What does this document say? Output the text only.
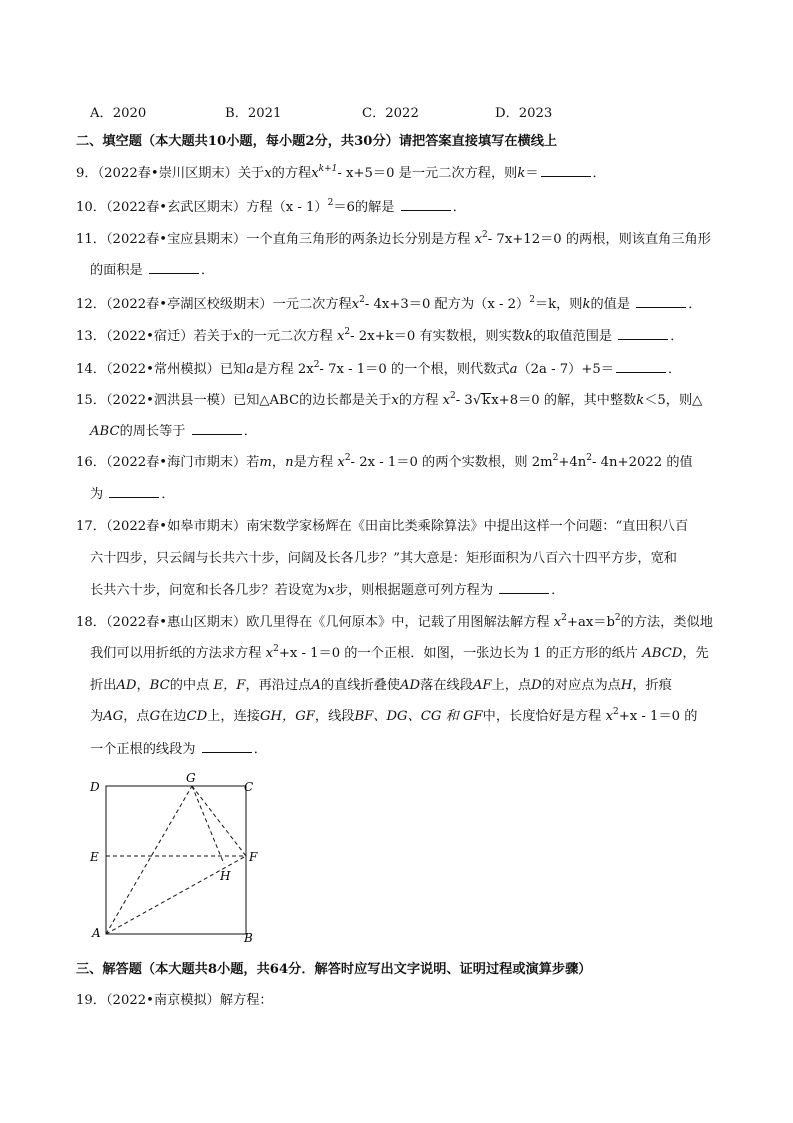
A．2020	B．2021	C．2022	D．2023
二、填空题（本大题共10小题，每小题2分，共30分）请把答案直接填写在横线上
9．（2022春•崇川区期末）关于x的方程$x^{k+1}-$ x+5＝0 是一元二次方程，则k＝	．
10．（2022春•玄武区期末）方程（x - 1）$^2$＝6的解是	．
11．（2022春•宝应县期末）一个直角三角形的两条边长分别是方程 $x^2-$ 7x+12＝0 的两根，则该直角三角形
的面积是	．
12．（2022春•亭湖区校级期末）一元二次方程$x^2-$ 4x+3＝0 配方为（x - 2）$^2$＝k，则k的值是	．
13．（2022•宿迁）若关于x的一元二次方程 $x^2-$ 2x+k＝0 有实数根，则实数k的取值范围是	．
14．（2022•常州模拟）已知a是方程 $2x^2-$ 7x - 1＝0 的一个根，则代数式a（2a - 7）+5＝	．
15．（2022•泗洪县一模）已知△ABC的边长都是关于x的方程 $x^2-$ 3√kx+8＝0 的解，其中整数k＜5，则△
ABC的周长等于	．
16．（2022春•海门市期末）若m，n是方程 $x^2-$ 2x - 1＝0 的两个实数根，则 $2m^2+4n^2-$ 4n+2022 的值
为	．
17．（2022春•如皋市期末）南宋数学家杨辉在《田亩比类乘除算法》中提出这样一个问题：“直田积八百
六十四步，只云阔与长共六十步，问阔及长各几步？”其大意是：矩形面积为八百六十四平方步，宽和
长共六十步，问宽和长各几步？若设宽为x步，则根据题意可列方程为	．
18．（2022春•惠山区期末）欧几里得在《几何原本》中，记载了用图解法解方程 $x^2+ax=b^2$的方法，类似地
我们可以用折纸的方法求方程 $x^2+x - 1=0$ 的一个正根．如图，一张边长为 1 的正方形的纸片 ABCD，先
折出AD，BC的中点 E，F，再沿过点A的直线折叠使AD落在线段AF上，点D的对应点为点H，折痕
为AG，点G在边CD上，连接GH，GF，线段BF、DG、CG 和 GF中，长度恰好是方程 $x^2+x - 1=0$ 的
一个正根的线段为	．
D
G
C
E	F
H
A	B
三、解答题（本大题共8小题，共64分．解答时应写出文字说明、证明过程或演算步骤）
19．（2022•南京模拟）解方程：
